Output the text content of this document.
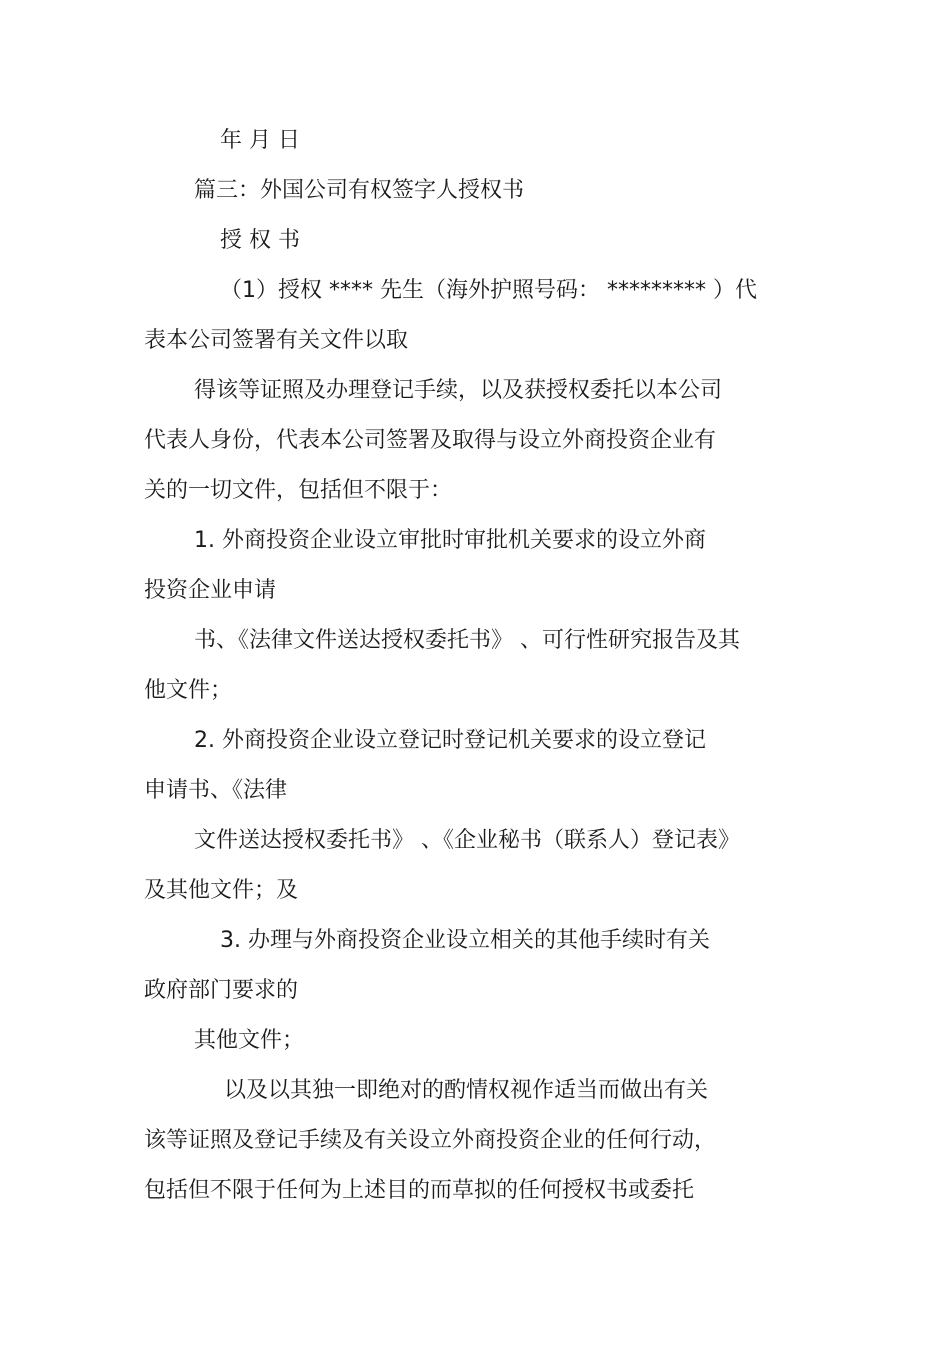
年 月 日

篇三：外国公司有权签字人授权书

授 权 书

（1）授权 **** 先生（海外护照号码： ********* ）代

表本公司签署有关文件以取

得该等证照及办理登记手续，以及获授权委托以本公司

代表人身份，代表本公司签署及取得与设立外商投资企业有

关的一切文件，包括但不限于：

1. 外商投资企业设立审批时审批机关要求的设立外商

投资企业申请

书、《法律文件送达授权委托书》 、可行性研究报告及其

他文件；

2. 外商投资企业设立登记时登记机关要求的设立登记

申请书、《法律

文件送达授权委托书》 、《企业秘书（联系人）登记表》

及其他文件；及

3. 办理与外商投资企业设立相关的其他手续时有关

政府部门要求的

其他文件；

以及以其独一即绝对的酌情权视作适当而做出有关

该等证照及登记手续及有关设立外商投资企业的任何行动，

包括但不限于任何为上述目的而草拟的任何授权书或委托
